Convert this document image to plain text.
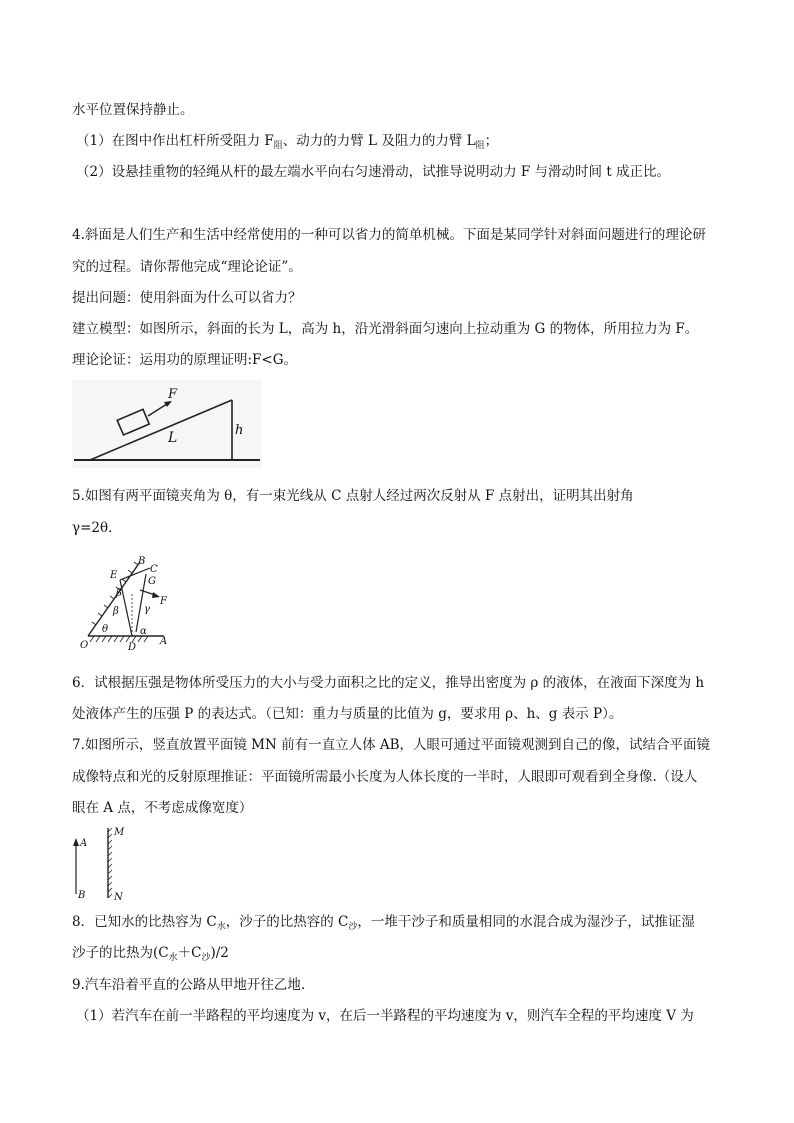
水平位置保持静止。
（1）在图中作出杠杆所受阻力 $F_阻$、动力的力臂 L 及阻力的力臂 $L_阻$；
（2）设悬挂重物的轻绳从杆的最左端水平向右匀速滑动，试推导说明动力 F 与滑动时间 t 成正比。
4.斜面是人们生产和生活中经常使用的一种可以省力的简单机械。下面是某同学针对斜面问题进行的理论研
究的过程。请你帮他完成“理论论证”。
提出问题：使用斜面为什么可以省力？
建立模型：如图所示，斜面的长为 L，高为 h，沿光滑斜面匀速向上拉动重为 G 的物体，所用拉力为 F。
理论论证：运用功的原理证明:F<G。
F
L	h
5.如图有两平面镜夹角为 θ，有一束光线从 C 点射人经过两次反射从 F 点射出，证明其出射角
γ=2θ．
B
C
E
G
F
β
β	γ
α
θ
O	D
A
6．试根据压强是物体所受压力的大小与受力面积之比的定义，推导出密度为 ρ 的液体，在液面下深度为 h
处液体产生的压强 P 的表达式。（已知：重力与质量的比值为 g，要求用 ρ、h、g 表示 P）。
7.如图所示，竖直放置平面镜 MN 前有一直立人体 AB，人眼可通过平面镜观测到自己的像，试结合平面镜
成像特点和光的反射原理推证：平面镜所需最小长度为人体长度的一半时，人眼即可观看到全身像.（设人
眼在 A 点，不考虑成像宽度）
A
B
M
N
8．已知水的比热容为 $C_水$，沙子的比热容的 $C_沙$，一堆干沙子和质量相同的水混合成为湿沙子，试推证湿
沙子的比热为$(C_水+C_沙)/2$
9.汽车沿着平直的公路从甲地开往乙地.
（1）若汽车在前一半路程的平均速度为 v，在后一半路程的平均速度为 v，则汽车全程的平均速度 V 为
